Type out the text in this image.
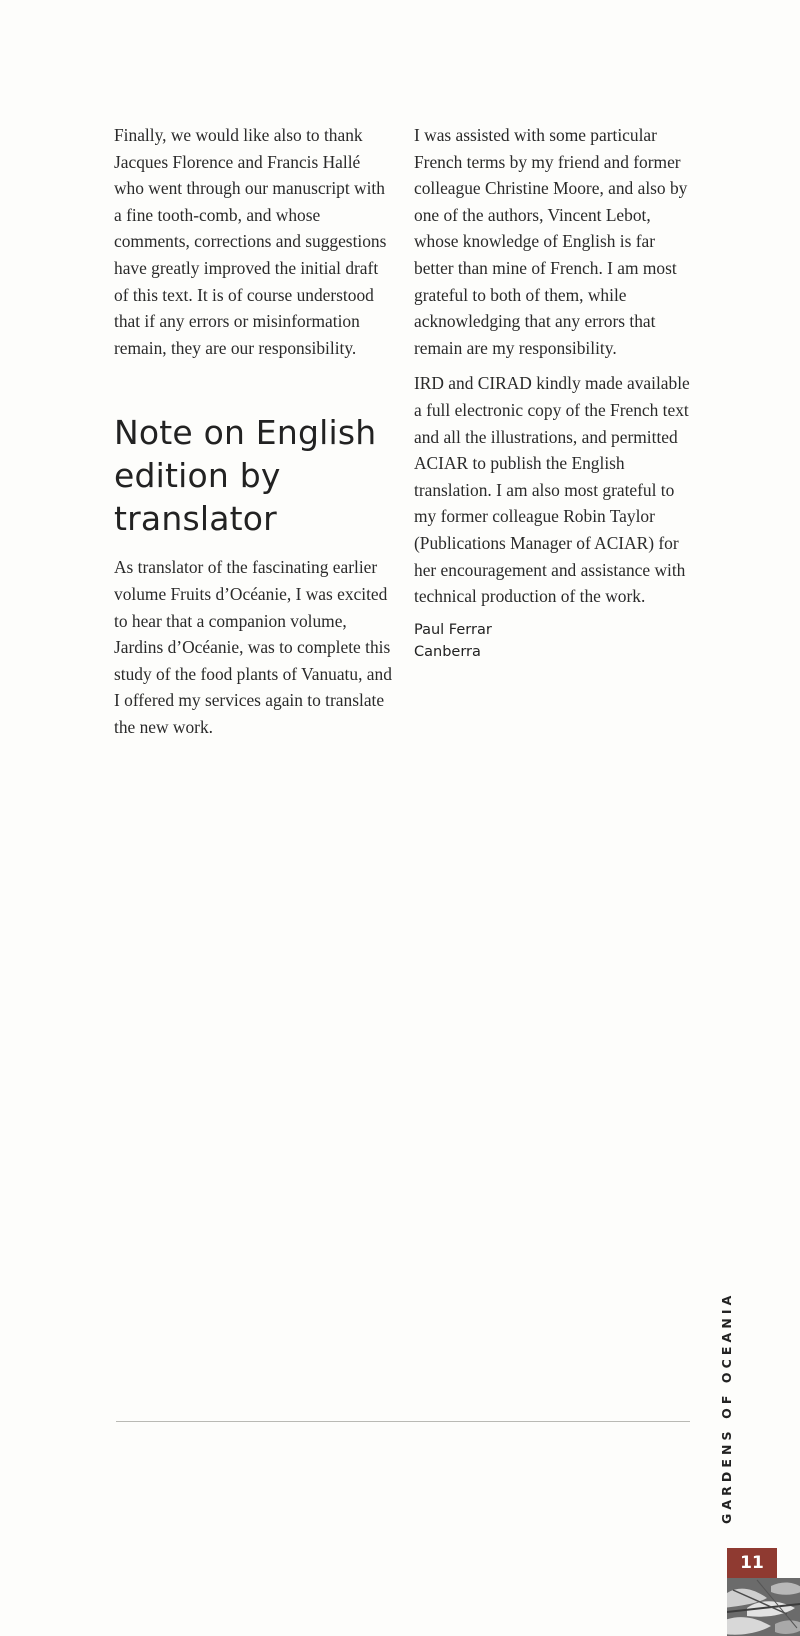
Finally, we would like also to thank Jacques Florence and Francis Hallé who went through our manuscript with a fine tooth-comb, and whose comments, corrections and suggestions have greatly improved the initial draft of this text. It is of course understood that if any errors or misinformation remain, they are our responsibility.

Note on English edition by translator

As translator of the fascinating earlier volume Fruits d’Océanie, I was excited to hear that a companion volume, Jardins d’Océanie, was to complete this study of the food plants of Vanuatu, and I offered my services again to translate the new work.

I was assisted with some particular French terms by my friend and former colleague Christine Moore, and also by one of the authors, Vincent Lebot, whose knowledge of English is far better than mine of French. I am most grateful to both of them, while acknowledging that any errors that remain are my responsibility.

IRD and CIRAD kindly made available a full electronic copy of the French text and all the illustrations, and permitted ACIAR to publish the English translation. I am also most grateful to my former colleague Robin Taylor (Publications Manager of ACIAR) for her encouragement and assistance with technical production of the work.

Paul Ferrar
Canberra
GARDENS OF OCEANIA
11
